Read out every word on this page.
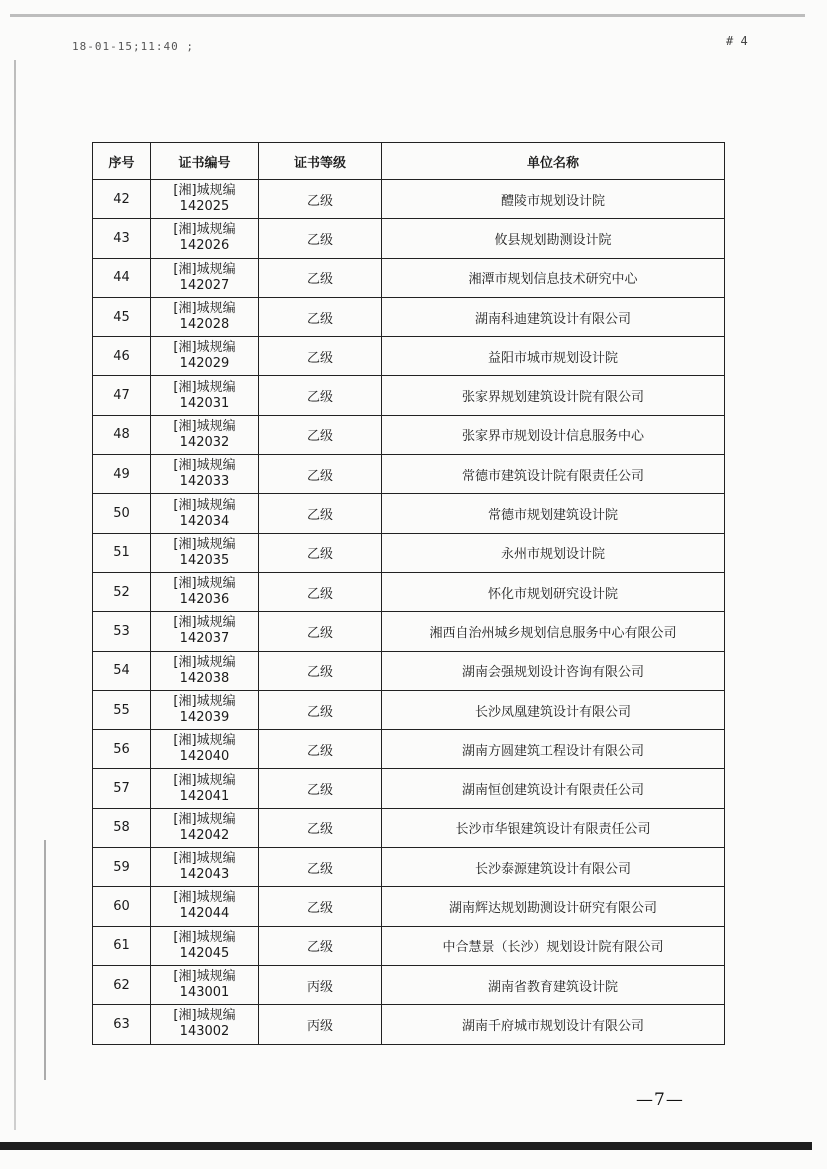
18-01-15;11:40 ;	# 4
序号	证书编号	证书等级	单位名称
42	[湘]城规编
142025	乙级	醴陵市规划设计院
43	[湘]城规编
142026	乙级	攸县规划勘测设计院
44	[湘]城规编
142027	乙级	湘潭市规划信息技术研究中心
45	[湘]城规编
142028	乙级	湖南科迪建筑设计有限公司
46	[湘]城规编
142029	乙级	益阳市城市规划设计院
47	[湘]城规编
142031	乙级	张家界规划建筑设计院有限公司
48	[湘]城规编
142032	乙级	张家界市规划设计信息服务中心
49	[湘]城规编
142033	乙级	常德市建筑设计院有限责任公司
50	[湘]城规编
142034	乙级	常德市规划建筑设计院
51	[湘]城规编
142035	乙级	永州市规划设计院
52	[湘]城规编
142036	乙级	怀化市规划研究设计院
53	[湘]城规编
142037	乙级	湘西自治州城乡规划信息服务中心有限公司
54	[湘]城规编
142038	乙级	湖南会强规划设计咨询有限公司
55	[湘]城规编
142039	乙级	长沙凤凰建筑设计有限公司
56	[湘]城规编
142040	乙级	湖南方圆建筑工程设计有限公司
57	[湘]城规编
142041	乙级	湖南恒创建筑设计有限责任公司
58	[湘]城规编
142042	乙级	长沙市华银建筑设计有限责任公司
59	[湘]城规编
142043	乙级	长沙泰源建筑设计有限公司
60	[湘]城规编
142044	乙级	湖南辉达规划勘测设计研究有限公司
61	[湘]城规编
142045	乙级	中合慧景（长沙）规划设计院有限公司
62	[湘]城规编
143001	丙级	湖南省教育建筑设计院
63	[湘]城规编
143002	丙级	湖南千府城市规划设计有限公司
—7—
